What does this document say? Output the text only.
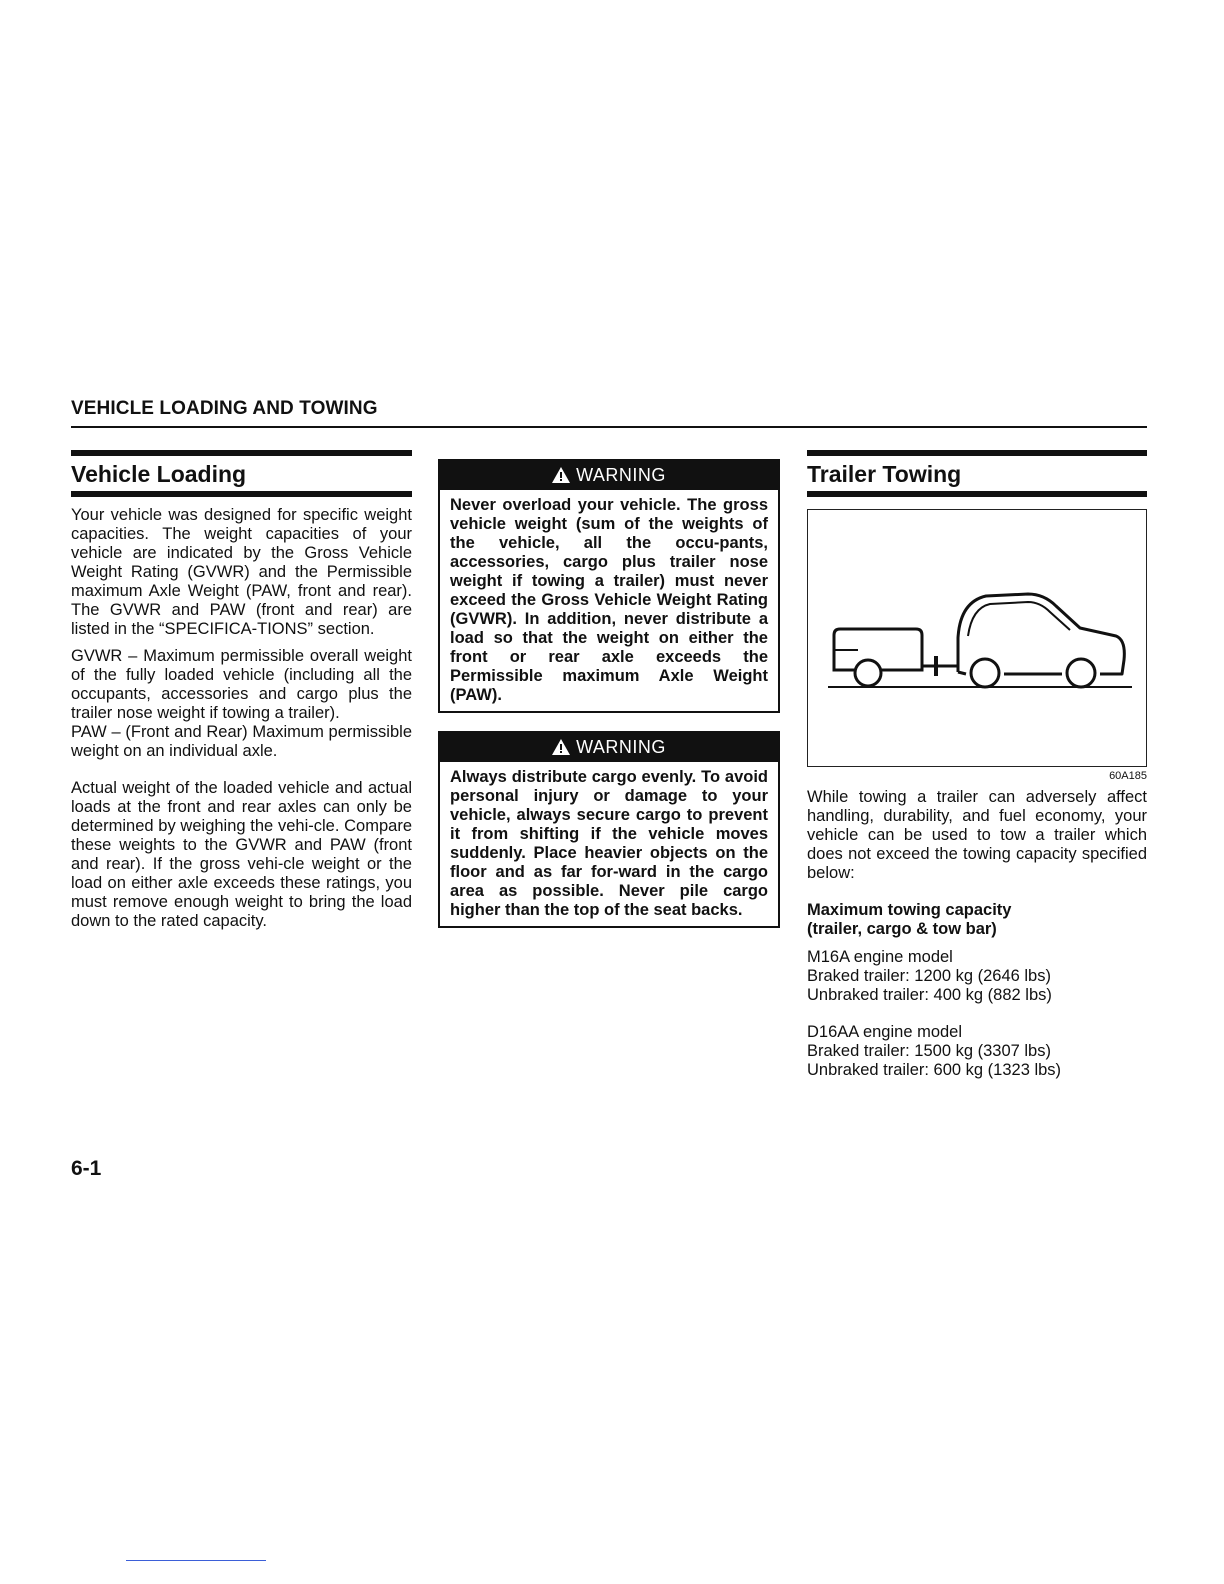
VEHICLE LOADING AND TOWING
Vehicle Loading

Your vehicle was designed for specific weight capacities. The weight capacities of your vehicle are indicated by the Gross Vehicle Weight Rating (GVWR) and the Permissible maximum Axle Weight (PAW, front and rear). The GVWR and PAW (front and rear) are listed in the “SPECIFICA-TIONS” section.

GVWR – Maximum permissible overall weight of the fully loaded vehicle (including all the occupants, accessories and cargo plus the trailer nose weight if towing a trailer).

PAW – (Front and Rear) Maximum permissible weight on an individual axle.

Actual weight of the loaded vehicle and actual loads at the front and rear axles can only be determined by weighing the vehi-cle. Compare these weights to the GVWR and PAW (front and rear). If the gross vehi-cle weight or the load on either axle exceeds these ratings, you must remove enough weight to bring the load down to the rated capacity.

WARNING

Never overload your vehicle. The gross vehicle weight (sum of the weights of the vehicle, all the occu-pants, accessories, cargo plus trailer nose weight if towing a trailer) must never exceed the Gross Vehicle Weight Rating (GVWR). In addition, never distribute a load so that the weight on either the front or rear axle exceeds the Permissible maximum Axle Weight (PAW).

WARNING

Always distribute cargo evenly. To avoid personal injury or damage to your vehicle, always secure cargo to prevent it from shifting if the vehicle moves suddenly. Place heavier objects on the floor and as far for-ward in the cargo area as possible. Never pile cargo higher than the top of the seat backs.

Trailer Towing
60A185

While towing a trailer can adversely affect handling, durability, and fuel economy, your vehicle can be used to tow a trailer which does not exceed the towing capacity specified below:

Maximum towing capacity

(trailer, cargo & tow bar)

M16A engine model

Braked trailer: 1200 kg (2646 lbs)

Unbraked trailer: 400 kg (882 lbs)

D16AA engine model

Braked trailer: 1500 kg (3307 lbs)

Unbraked trailer: 600 kg (1323 lbs)

6-1
